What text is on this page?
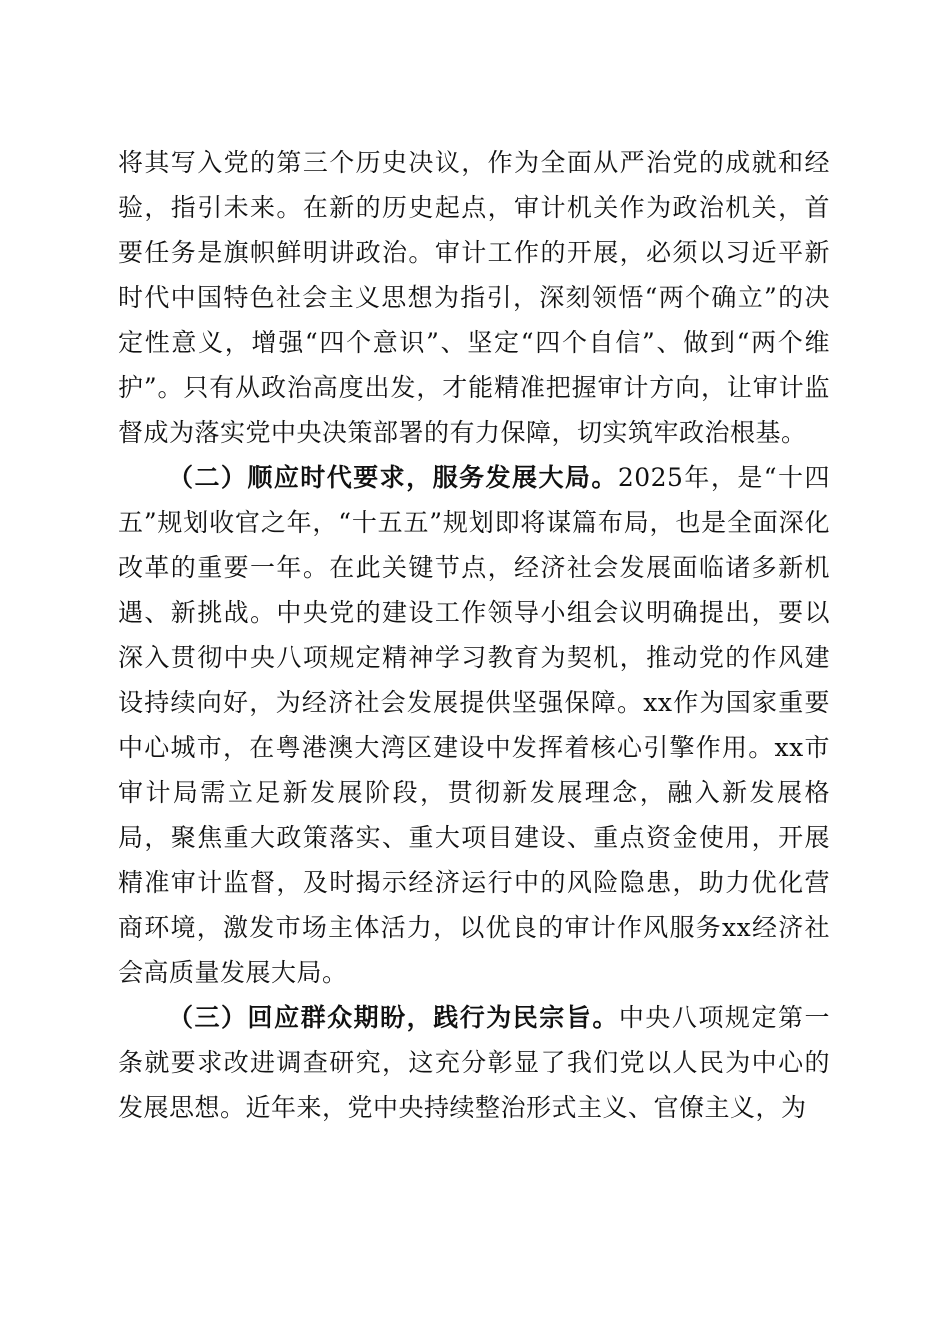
将其写入党的第三个历史决议，作为全面从严治党的成就和经验，指引未来。在新的历史起点，审计机关作为政治机关，首要任务是旗帜鲜明讲政治。审计工作的开展，必须以习近平新时代中国特色社会主义思想为指引，深刻领悟“两个确立”的决定性意义，增强“四个意识”、坚定“四个自信”、做到“两个维护”。只有从政治高度出发，才能精准把握审计方向，让审计监督成为落实党中央决策部署的有力保障，切实筑牢政治根基。

（二）顺应时代要求，服务发展大局。2025年，是“十四五”规划收官之年，“十五五”规划即将谋篇布局，也是全面深化改革的重要一年。在此关键节点，经济社会发展面临诸多新机遇、新挑战。中央党的建设工作领导小组会议明确提出，要以深入贯彻中央八项规定精神学习教育为契机，推动党的作风建设持续向好，为经济社会发展提供坚强保障。xx作为国家重要中心城市，在粤港澳大湾区建设中发挥着核心引擎作用。xx市审计局需立足新发展阶段，贯彻新发展理念，融入新发展格局，聚焦重大政策落实、重大项目建设、重点资金使用，开展精准审计监督，及时揭示经济运行中的风险隐患，助力优化营商环境，激发市场主体活力，以优良的审计作风服务xx经济社会高质量发展大局。

（三）回应群众期盼，践行为民宗旨。中央八项规定第一条就要求改进调查研究，这充分彰显了我们党以人民为中心的发展思想。近年来，党中央持续整治形式主义、官僚主义，为
